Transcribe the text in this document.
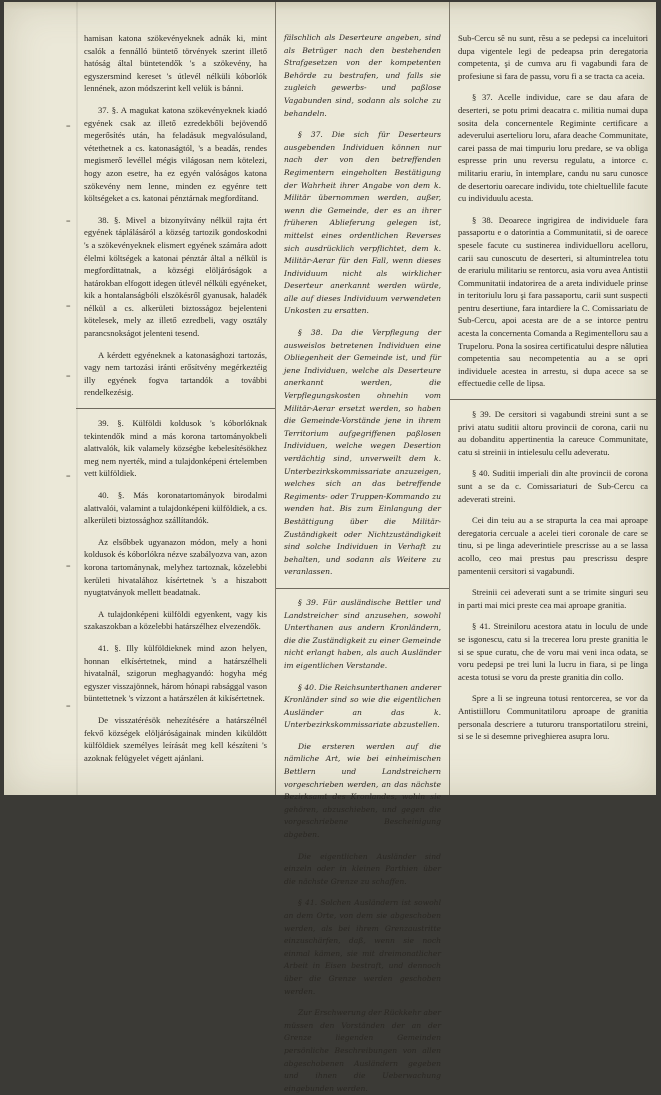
=
=
=
=
=
=
=

hamisan katona szökevényeknek adnák ki, mint csalók a fennálló büntető törvények szerint illető hatóság által büntetendők 's a szökevény, ha egyszersmind kereset 's útlevél nélküli kóborlók lennének, azon módszerint kell velük is bánni.

37. §. A magukat katona szökevényeknek kiadó egyének csak az illető ezredekbőli bejövendő megerősítés után, ha feladásuk megvalósuland, vétethetnek a cs. katonaságtól, 's a beadás, rendes megismerő levéllel mégis világosan nem kötelezi, hogy azon esetre, ha ez egyén valóságos katona szökevény nem lenne, minden ez egyénre tett költségeket a cs. katonai pénztárnak megfordítand.

38. §. Mivel a bizonyítvány nélkül rajta ért egyének táplálásáról a község tartozik gondoskodni 's a szökevényeknek elismert egyének számára adott élelmi költségek a katonai pénztár által a nélkül is megfordíttatnak, a községi elöljáróságok a határokban elfogott idegen útlevél nélküli egyéneket, kik a hontalanságbóli elszökésről gyanusak, haladék nélkül a cs. alkerületi biztosságoz bejelenteni kötelesek, mely az illető ezredbeli, vagy osztály parancsnokságot jelenteni tesend.

A kérdett egyéneknek a katonasághozi tartozás, vagy nem tartozási iránti erősítvény megérkeztéig illy egyének fogva tartandók a további rendelkezésig.

39. §. Külföldi koldusok 's kóborlóknak tekintendők mind a más korona tartományokbeli alattvalók, kik valamely községbe kebelesítésökhez meg nem nyerték, mind a tulajdonképeni értelemben vett külföldiek.

40. §. Más koronatartományok birodalmi alattvalói, valamint a tulajdonképeni külföldiek, a cs. alkerületi biztossághoz szállítandók.

Az elsőbbek ugyanazon módon, mely a honi koldusok és kóborlókra nézve szabályozva van, azon korona tartománynak, melyhez tartoznak, közelebbi kerületi hivatalához kísértetnek 's a hiszabott nyugtatványok mellett beadatnak.

A tulajdonképeni külföldi egyenkent, vagy kis szakaszokban a közelebbi határszélhez elvezendők.

41. §. Illy külföldieknek mind azon helyen, honnan elkísértetnek, mind a határszélheli hivatalnál, szigorun meghagyandó: hogyha még egyszer visszajönnek, három hónapi rabsággal vason büntettetnek 's vízzont a határszélen át kikísértetnek.

De visszatérésök nehezítésére a határszélnél fekvő községek elöljáróságainak minden kiküldött külföldiek személyes leírását meg kell készíteni 's azoknak felügyelet végett ajánlani.

fälschlich als Deserteure angeben, sind als Betrüger nach den bestehenden Strafgesetzen von der kompetenten Behörde zu bestrafen, und falls sie zugleich gewerbs- und paßlose Vagabunden sind, sodann als solche zu behandeln.

§ 37. Die sich für Deserteurs ausgebenden Individuen können nur nach der von den betreffenden Regimentern eingeholten Bestätigung der Wahrheit ihrer Angabe von dem k. Militär übernommen werden, außer, wenn die Gemeinde, der es an ihrer früheren Ablieferung gelegen ist, mittelst eines ordentlichen Reverses sich ausdrücklich verpflichtet, dem k. Militär-Aerar für den Fall, wenn dieses Individuum nicht als wirklicher Deserteur anerkannt werden würde, alle auf dieses Individuum verwendeten Unkosten zu ersatten.

§ 38. Da die Verpflegung der ausweislos betretenen Individuen eine Obliegenheit der Gemeinde ist, und für jene Individuen, welche als Deserteure anerkannt werden, die Verpflegungskosten ohnehin vom Militär-Aerar ersetzt werden, so haben die Gemeinde-Vorstände jene in ihrem Territorium aufgegriffenen paßlosen Individuen, welche wegen Desertion verdächtig sind, unverweilt dem k. Unterbezirkskommissariate anzuzeigen, welches sich an das betreffende Regiments- oder Truppen-Kommando zu wenden hat. Bis zum Einlangung der Bestättigung über die Militär-Zuständigkeit oder Nichtzuständigkeit sind solche Individuen in Verhaft zu behalten, und sodann als Weitere zu veranlassen.

§ 39. Für ausländische Bettler und Landstreicher sind anzusehen, sowohl Unterthanen aus andern Kronländern, die die Zuständigkeit zu einer Gemeinde nicht erlangt haben, als auch Ausländer im eigentlichen Verstande.

§ 40. Die Reichsunterthanen anderer Kronländer sind so wie die eigentlichen Ausländer an das k. Unterbezirkskommissariate abzustellen.

Die ersteren werden auf die nämliche Art, wie bei einheimischen Bettlern und Landstreichern vorgeschrieben werden, an das nächste Bezirksamt des Kronlandes, wohin sie gehören, abzuschieben, und gegen die vorgeschriebene Bescheinigung abgeben.

Die eigentlichen Ausländer sind einzeln oder in kleinen Parthien über die nächste Grenze zu schaffen.

§ 41. Solchen Ausländern ist sowohl an dem Orte, von dem sie abgeschoben werden, als bei ihrem Grenzaustritte einzuschärfen, daß, wenn sie noch einmal kämen, sie mit dreimonatlicher Arbeit in Eisen bestraft, und dennoch über die Grenze werden geschoben werden.

Zur Erschwerung der Rückkehr aber müssen den Vorständen der an der Grenze liegenden Gemeinden persönliche Beschreibungen von allen abgeschobenen Ausländern gegeben und ihnen die Ueberwachung eingebunden werden.

Sub-Cercu sĕ nu sunt, rĕsu a se pedepsi ca inceluitori dupa vigentele legi de pedeapsa prin deregatoria competenta, şi de cumva aru fi vagabundi fara de profesiune si fara de passu, voru fi a se tracta ca aceia.

§ 37. Acelle individue, care se dau afara de deserteri, se potu primi deacatra c. militia numai dupa sosita dela concernentele Regiminte certificare a adeverului asertelioru loru, afara deache Communitate, carei passa de mai timpuriu loru predare, se va obliga espresse prin unu reversu regulatu, a intorce c. militariu erariu, în intemplare, candu nu saru cunosce de desertoriu oarecare individu, tote chieltuellile facute cu individuulu acesta.

§ 38. Deoarece ingrigirea de individuele fara passaportu e o datorintia a Communitatii, si de oarece spesele facute cu sustinerea individuelloru acelloru, carii sau cunoscutu de deserteri, si altumintrelea totu de erariulu militariu se rentorcu, asia voru avea Antistii Communitatii indatorirea de a areta individuele prinse in teritoriulu loru şi fara passaportu, carii sunt suspecti pentru desertiune, fara intardiere la C. Comissariatu de Sub-Cercu, apoi acesta are de a se intorce pentru acesta la concernenta Comanda a Regimentelloru sau a Trupeloru. Pona la sosirea certificatului despre nâlutiea competentia sau necompetentia au a se opri individuele acestea in arrestu, si dupa acece sa se effectuedie celle de lipsa.

§ 39. De cersitori si vagabundi streini sunt a se privi atatu suditii altoru provincii de corona, carii nu au dobanditu appertinentia la careuce Communitate, catu si streinii in intielesulu cellu adeveratu.

§ 40. Suditii imperiali din alte provincii de corona sunt a se da c. Comissariaturi de Sub-Cercu ca adeverati streini.

Cei din teiu au a se strapurta la cea mai aproape deregatoria cercuale a acelei tieri coronale de care se tinu, si pe linga adeverintiele prescrisse au a se lassa acollo, ceo mai prestus pau prescrissu despre pamentenii cersitori si vagabundi.

Streinii cei adeverati sunt a se trimite singuri seu in parti mai mici preste cea mai aproape granitia.

§ 41. Streiniloru acestora atatu in loculu de unde se isgonescu, catu si la trecerea loru preste granitia le si se spue curatu, che de voru mai veni inca odata, se voru pedepsi pe trei luni la lucru in fiara, si pe linga acesta totusi se voru da preste granitia din collo.

Spre a li se ingreuna totusi rentorcerea, se vor da Antistiilloru Communitatiloru aproape de granitia personala descriere a tuturoru transportatiloru streini, si se le si desemne priveghierea asupra loru.
